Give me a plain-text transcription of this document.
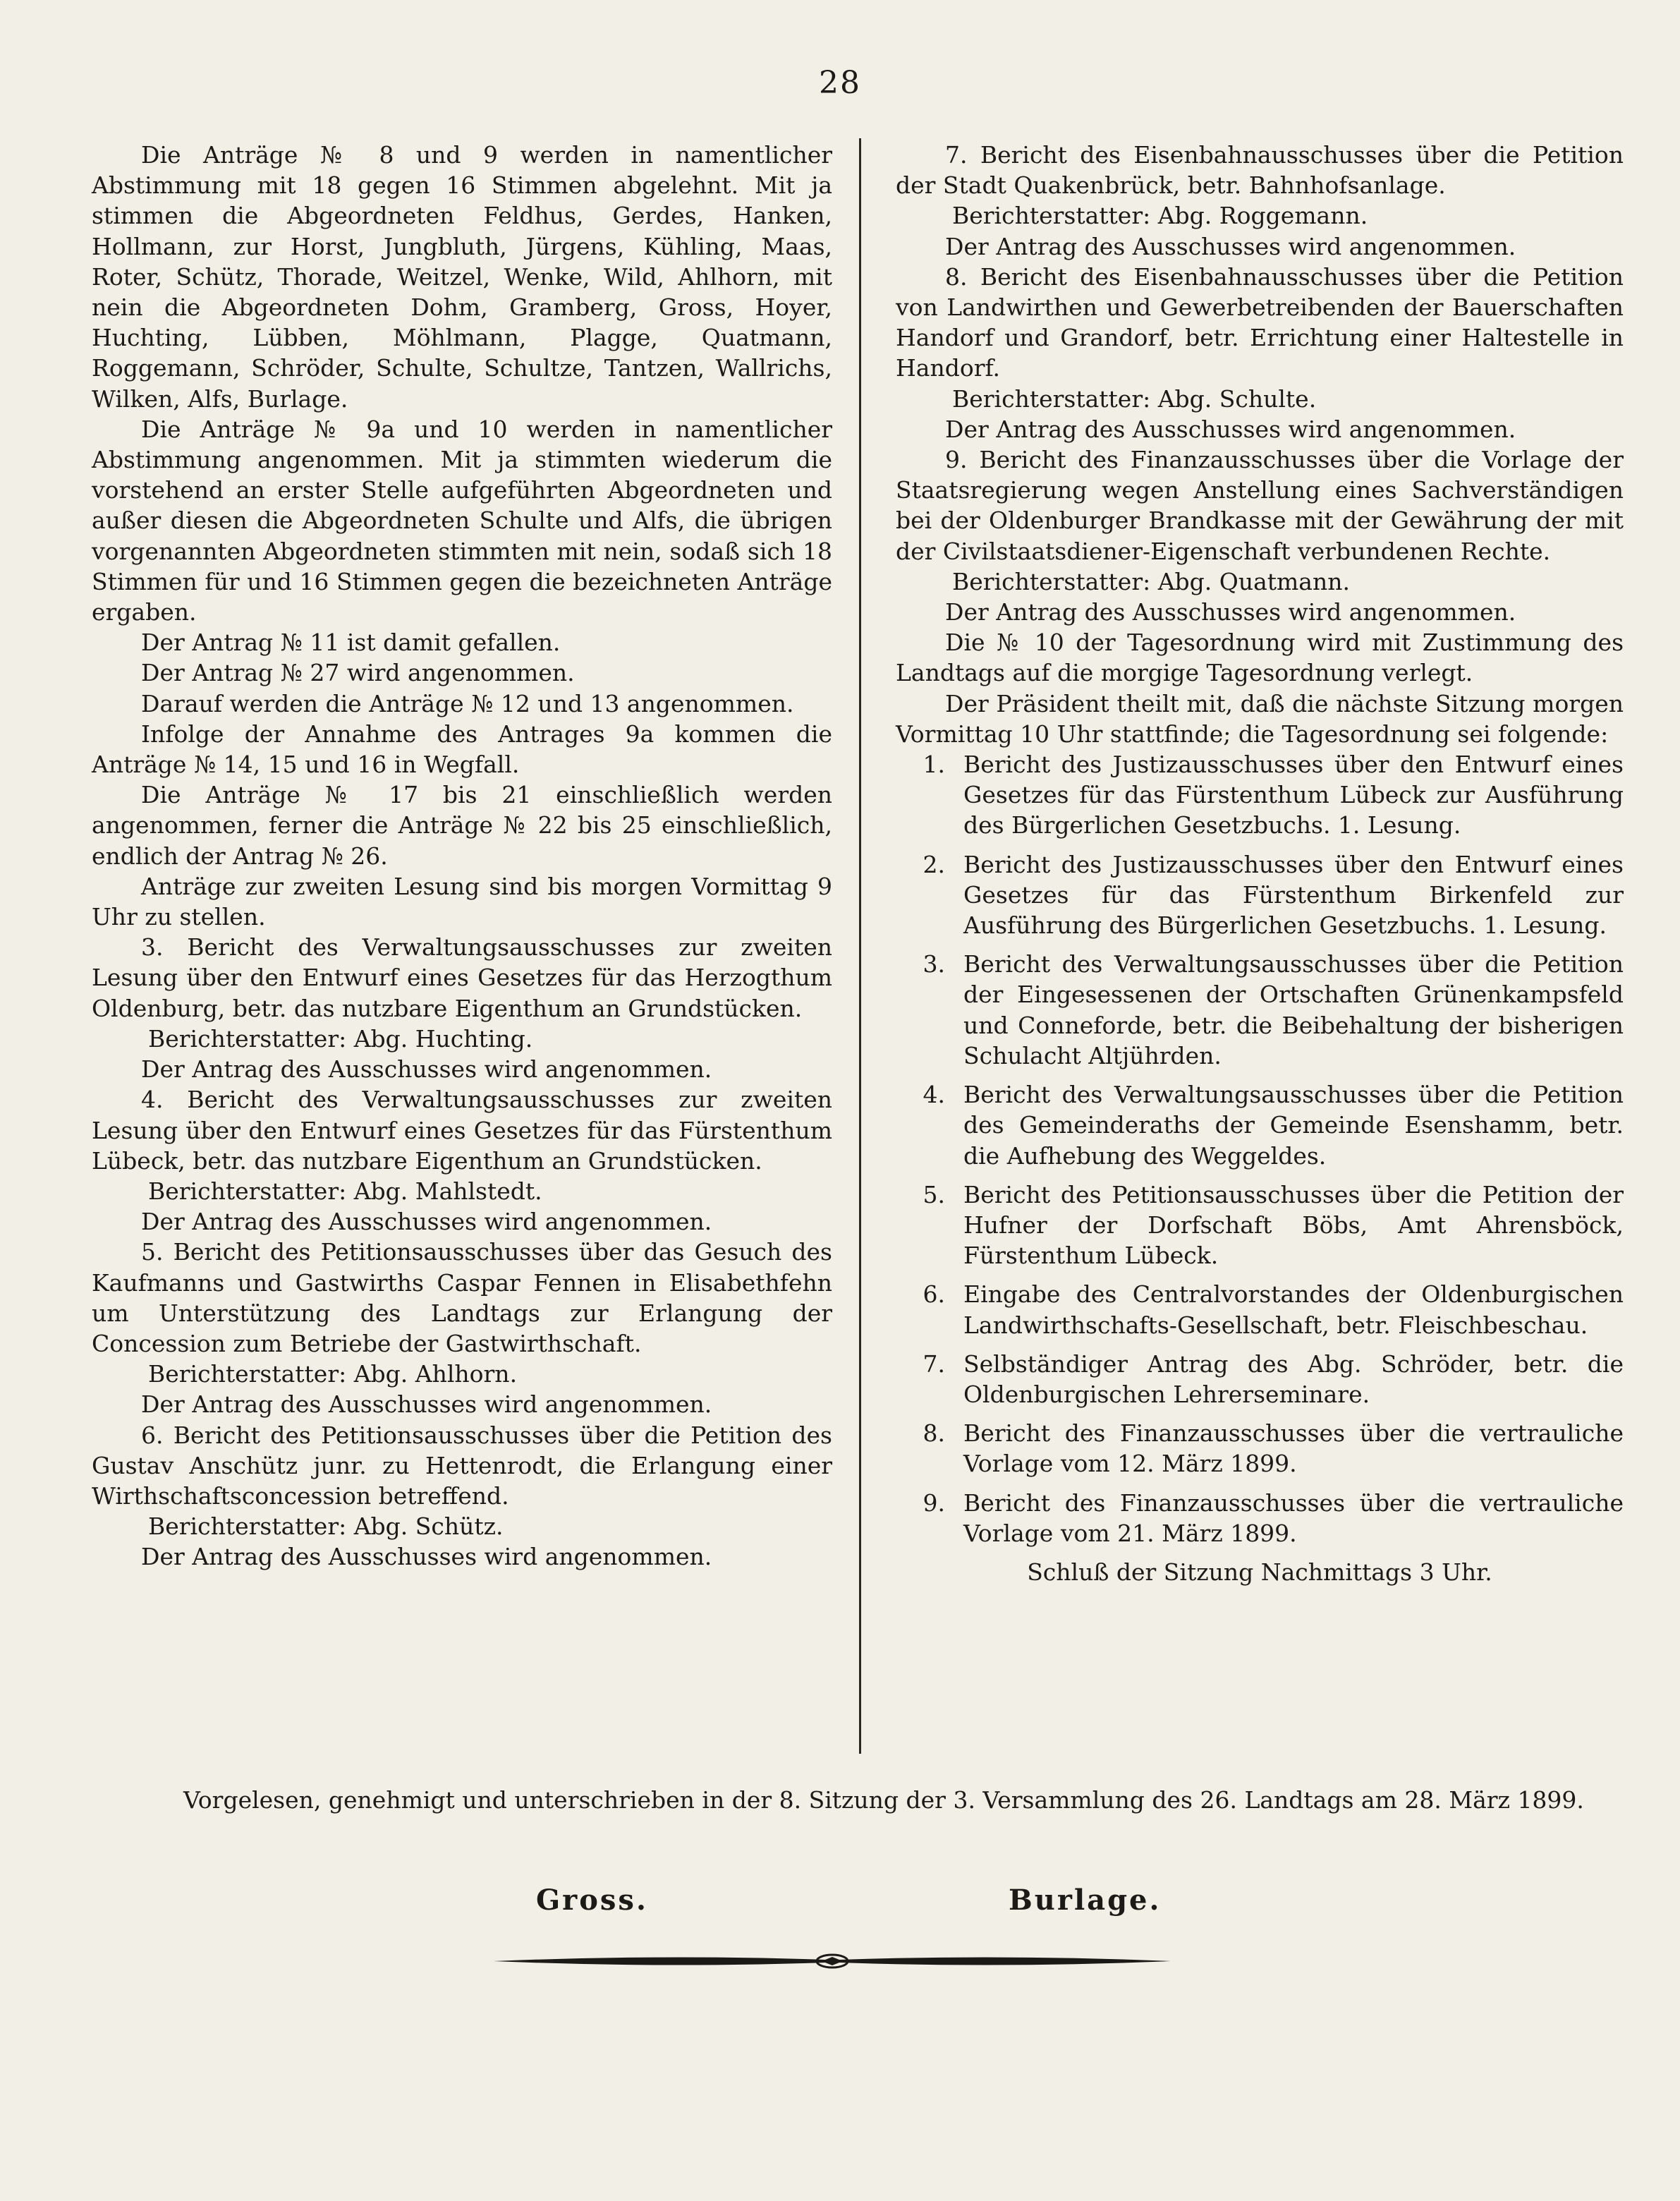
28

Die Anträge № 8 und 9 werden in namentlicher Abstimmung mit 18 gegen 16 Stimmen abgelehnt. Mit ja stimmen die Abgeordneten Feldhus, Gerdes, Hanken, Hollmann, zur Horst, Jungbluth, Jürgens, Kühling, Maas, Roter, Schütz, Thorade, Weitzel, Wenke, Wild, Ahlhorn, mit nein die Abgeordneten Dohm, Gramberg, Gross, Hoyer, Huchting, Lübben, Möhlmann, Plagge, Quatmann, Roggemann, Schröder, Schulte, Schultze, Tantzen, Wallrichs, Wilken, Alfs, Burlage.

Die Anträge № 9a und 10 werden in namentlicher Abstimmung angenommen. Mit ja stimmten wiederum die vorstehend an erster Stelle aufgeführten Abgeordneten und außer diesen die Abgeordneten Schulte und Alfs, die übrigen vorgenannten Abgeordneten stimmten mit nein, sodaß sich 18 Stimmen für und 16 Stimmen gegen die bezeichneten Anträge ergaben.

Der Antrag № 11 ist damit gefallen.

Der Antrag № 27 wird angenommen.

Darauf werden die Anträge № 12 und 13 angenommen.

Infolge der Annahme des Antrages 9a kommen die Anträge № 14, 15 und 16 in Wegfall.

Die Anträge № 17 bis 21 einschließlich werden angenommen, ferner die Anträge № 22 bis 25 einschließlich, endlich der Antrag № 26.

Anträge zur zweiten Lesung sind bis morgen Vormittag 9 Uhr zu stellen.

3. Bericht des Verwaltungsausschusses zur zweiten Lesung über den Entwurf eines Gesetzes für das Herzogthum Oldenburg, betr. das nutzbare Eigenthum an Grundstücken.

Berichterstatter: Abg. Huchting.

Der Antrag des Ausschusses wird angenommen.

4. Bericht des Verwaltungsausschusses zur zweiten Lesung über den Entwurf eines Gesetzes für das Fürstenthum Lübeck, betr. das nutzbare Eigenthum an Grundstücken.

Berichterstatter: Abg. Mahlstedt.

Der Antrag des Ausschusses wird angenommen.

5. Bericht des Petitionsausschusses über das Gesuch des Kaufmanns und Gastwirths Caspar Fennen in Elisabethfehn um Unterstützung des Landtags zur Erlangung der Concession zum Betriebe der Gastwirthschaft.

Berichterstatter: Abg. Ahlhorn.

Der Antrag des Ausschusses wird angenommen.

6. Bericht des Petitionsausschusses über die Petition des Gustav Anschütz junr. zu Hettenrodt, die Erlangung einer Wirthschaftsconcession betreffend.

Berichterstatter: Abg. Schütz.

Der Antrag des Ausschusses wird angenommen.

7. Bericht des Eisenbahnausschusses über die Petition der Stadt Quakenbrück, betr. Bahnhofsanlage.

Berichterstatter: Abg. Roggemann.

Der Antrag des Ausschusses wird angenommen.

8. Bericht des Eisenbahnausschusses über die Petition von Landwirthen und Gewerbetreibenden der Bauerschaften Handorf und Grandorf, betr. Errichtung einer Haltestelle in Handorf.

Berichterstatter: Abg. Schulte.

Der Antrag des Ausschusses wird angenommen.

9. Bericht des Finanzausschusses über die Vorlage der Staatsregierung wegen Anstellung eines Sachverständigen bei der Oldenburger Brandkasse mit der Gewährung der mit der Civilstaatsdiener-Eigenschaft verbundenen Rechte.

Berichterstatter: Abg. Quatmann.

Der Antrag des Ausschusses wird angenommen.

Die № 10 der Tagesordnung wird mit Zustimmung des Landtags auf die morgige Tagesordnung verlegt.

Der Präsident theilt mit, daß die nächste Sitzung morgen Vormittag 10 Uhr stattfinde; die Tagesordnung sei folgende:

1. Bericht des Justizausschusses über den Entwurf eines Gesetzes für das Fürstenthum Lübeck zur Ausführung des Bürgerlichen Gesetzbuchs. 1. Lesung.
2. Bericht des Justizausschusses über den Entwurf eines Gesetzes für das Fürstenthum Birkenfeld zur Ausführung des Bürgerlichen Gesetzbuchs. 1. Lesung.
3. Bericht des Verwaltungsausschusses über die Petition der Eingesessenen der Ortschaften Grünenkampsfeld und Conneforde, betr. die Beibehaltung der bisherigen Schulacht Altjührden.
4. Bericht des Verwaltungsausschusses über die Petition des Gemeinderaths der Gemeinde Esenshamm, betr. die Aufhebung des Weggeldes.
5. Bericht des Petitionsausschusses über die Petition der Hufner der Dorfschaft Böbs, Amt Ahrensböck, Fürstenthum Lübeck.
6. Eingabe des Centralvorstandes der Oldenburgischen Landwirthschafts-Gesellschaft, betr. Fleischbeschau.
7. Selbständiger Antrag des Abg. Schröder, betr. die Oldenburgischen Lehrerseminare.
8. Bericht des Finanzausschusses über die vertrauliche Vorlage vom 12. März 1899.
9. Bericht des Finanzausschusses über die vertrauliche Vorlage vom 21. März 1899.

Schluß der Sitzung Nachmittags 3 Uhr.

Vorgelesen, genehmigt und unterschrieben in der 8. Sitzung der 3. Versammlung des 26. Landtags am 28. März 1899.

Gross.	Burlage.
